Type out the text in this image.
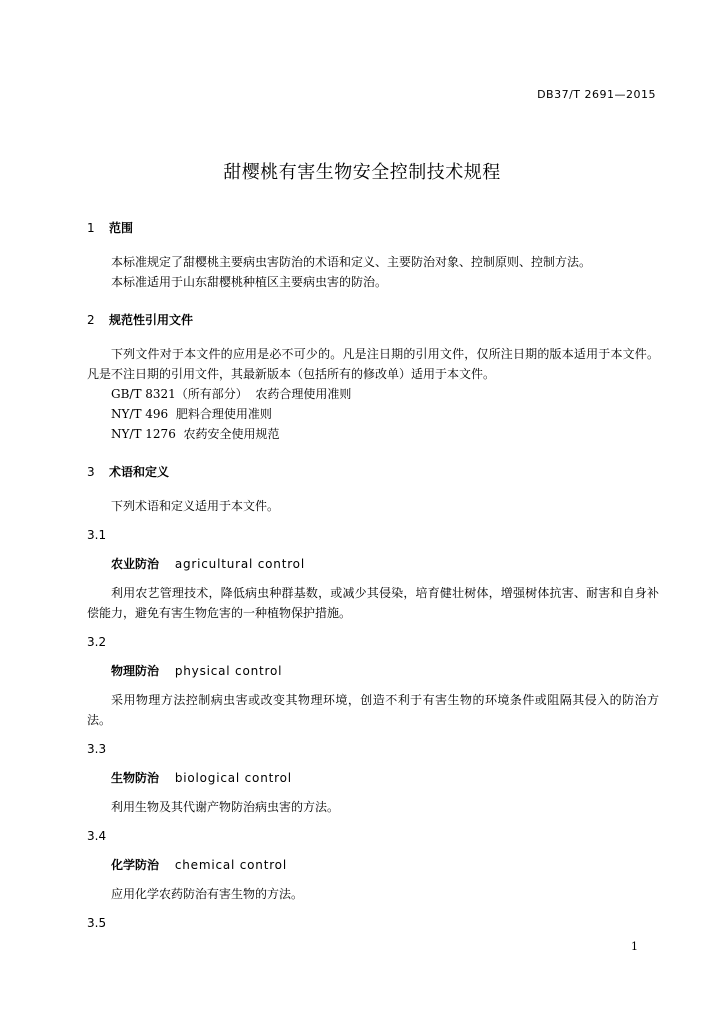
DB37/T 2691—2015
甜樱桃有害生物安全控制技术规程
1	范围
本标准规定了甜樱桃主要病虫害防治的术语和定义、主要防治对象、控制原则、控制方法。
本标准适用于山东甜樱桃种植区主要病虫害的防治。
2	规范性引用文件
下列文件对于本文件的应用是必不可少的。凡是注日期的引用文件，仅所注日期的版本适用于本文件。凡是不注日期的引用文件，其最新版本（包括所有的修改单）适用于本文件。
GB/T 8321（所有部分）  农药合理使用准则
NY/T 496  肥料合理使用准则
NY/T 1276  农药安全使用规范
3	术语和定义
下列术语和定义适用于本文件。
3.1
农业防治 agricultural control
利用农艺管理技术，降低病虫种群基数，或减少其侵染，培育健壮树体，增强树体抗害、耐害和自身补偿能力，避免有害生物危害的一种植物保护措施。
3.2
物理防治 physical control
采用物理方法控制病虫害或改变其物理环境，创造不利于有害生物的环境条件或阻隔其侵入的防治方法。
3.3
生物防治 biological control
利用生物及其代谢产物防治病虫害的方法。
3.4
化学防治 chemical control
应用化学农药防治有害生物的方法。
3.5
1
